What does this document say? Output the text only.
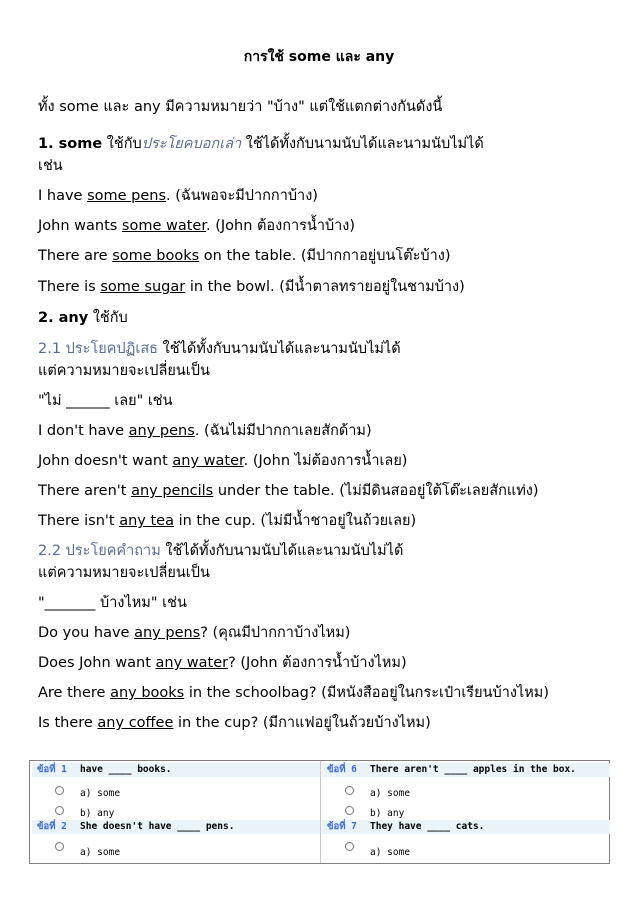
การใช้ some และ any
ทั้ง some และ any มีความหมายว่า "บ้าง" แต่ใช้แตกต่างกันดังนี้
1. some ใช้กับประโยคบอกเล่า ใช้ได้ทั้งกับนามนับได้และนามนับไม่ได้
เช่น
I have some pens. (ฉันพอจะมีปากกาบ้าง)
John wants some water. (John ต้องการน้ำบ้าง)
There are some books on the table. (มีปากกาอยู่บนโต๊ะบ้าง)
There is some sugar in the bowl. (มีน้ำตาลทรายอยู่ในชามบ้าง)
2. any ใช้กับ
2.1 ประโยคปฏิเสธ ใช้ได้ทั้งกับนามนับได้และนามนับไม่ได้
แต่ความหมายจะเปลี่ยนเป็น
"ไม่ ______ เลย" เช่น
I don't have any pens. (ฉันไม่มีปากกาเลยสักด้าม)
John doesn't want any water. (John ไม่ต้องการน้ำเลย)
There aren't any pencils under the table. (ไม่มีดินสออยู่ใต้โต๊ะเลยสักแท่ง)
There isn't any tea in the cup. (ไม่มีน้ำชาอยู่ในถ้วยเลย)
2.2 ประโยคคำถาม ใช้ได้ทั้งกับนามนับได้และนามนับไม่ได้
แต่ความหมายจะเปลี่ยนเป็น
"_______ บ้างไหม" เช่น
Do you have any pens? (คุณมีปากกาบ้างไหม)
Does John want any water? (John ต้องการน้ำบ้างไหม)
Are there any books in the schoolbag? (มีหนังสืออยู่ในกระเป๋าเรียนบ้างไหม)
Is there any coffee in the cup? (มีกาแฟอยู่ในถ้วยบ้างไหม)
ข้อที่ 1 have ____ books.
a) some
b) any
ข้อที่ 2 She doesn't have ____ pens.
a) some
ข้อที่ 6 There aren't ____ apples in the box.
a) some
b) any
ข้อที่ 7 They have ____ cats.
a) some
